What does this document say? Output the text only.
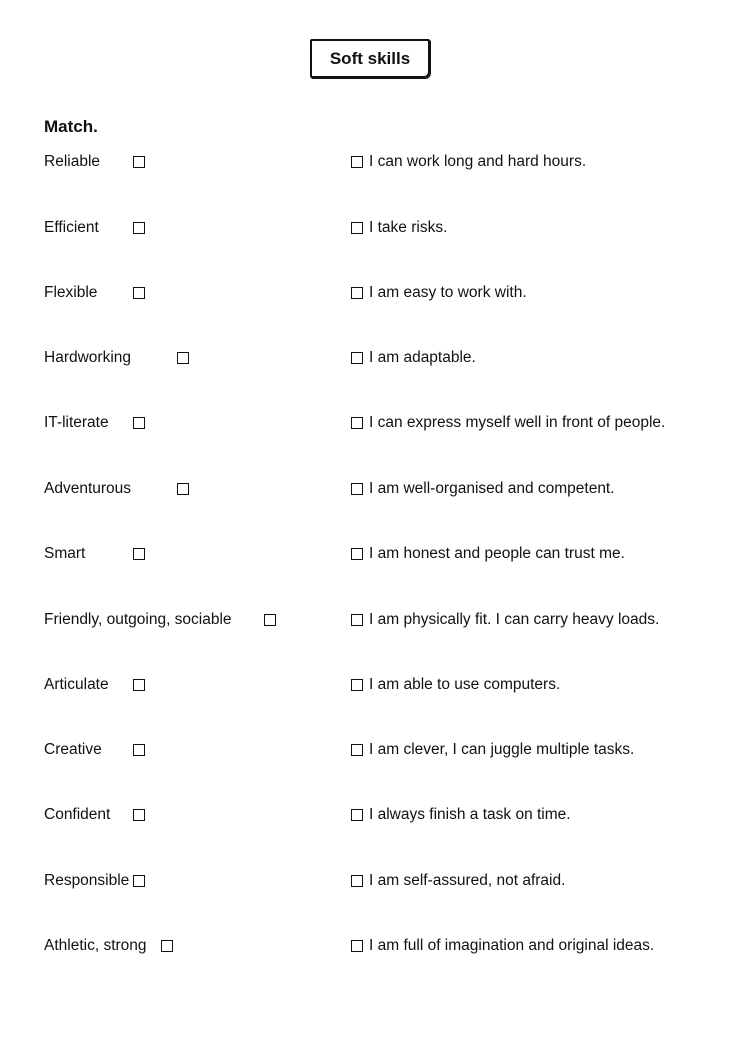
Soft skills
Match.
Reliable	I can work long and hard hours.
Efficient	I take risks.
Flexible	I am easy to work with.
Hardworking	I am adaptable.
IT-literate	I can express myself well in front of people.
Adventurous	I am well-organised and competent.
Smart	I am honest and people can trust me.
Friendly, outgoing, sociable	I am physically fit. I can carry heavy loads.
Articulate	I am able to use computers.
Creative	I am clever, I can juggle multiple tasks.
Confident	I always finish a task on time.
Responsible	I am self-assured, not afraid.
Athletic, strong	I am full of imagination and original ideas.
